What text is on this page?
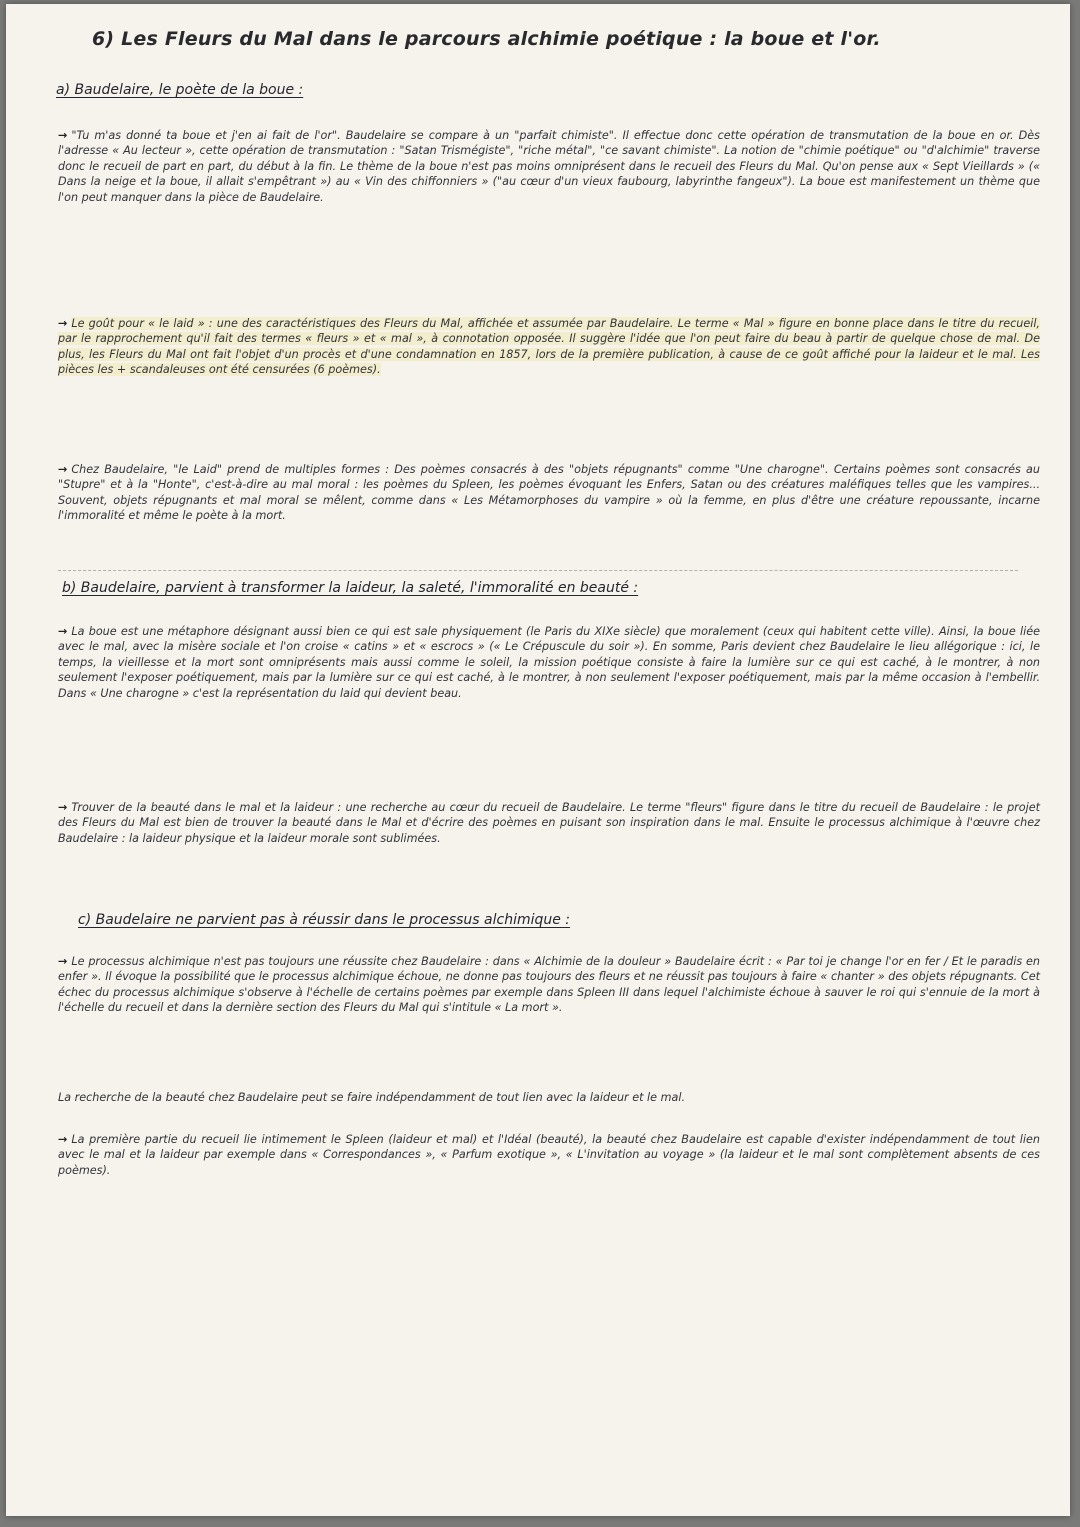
6) Les Fleurs du Mal dans le parcours alchimie poétique : la boue et l'or.
a) Baudelaire, le poète de la boue :

→ "Tu m'as donné ta boue et j'en ai fait de l'or". Baudelaire se compare à un "parfait chimiste". Il effectue donc cette opération de transmutation de la boue en or. Dès l'adresse « Au lecteur », cette opération de transmutation : "Satan Trismégiste", "riche métal", "ce savant chimiste". La notion de "chimie poétique" ou "d'alchimie" traverse donc le recueil de part en part, du début à la fin. Le thème de la boue n'est pas moins omniprésent dans le recueil des Fleurs du Mal. Qu'on pense aux « Sept Vieillards » (« Dans la neige et la boue, il allait s'empêtrant ») au « Vin des chiffonniers » ("au cœur d'un vieux faubourg, labyrinthe fangeux"). La boue est manifestement un thème que l'on peut manquer dans la pièce de Baudelaire.

→ Le goût pour « le laid » : une des caractéristiques des Fleurs du Mal, affichée et assumée par Baudelaire. Le terme « Mal » figure en bonne place dans le titre du recueil, par le rapprochement qu'il fait des termes « fleurs » et « mal », à connotation opposée. Il suggère l'idée que l'on peut faire du beau à partir de quelque chose de mal. De plus, les Fleurs du Mal ont fait l'objet d'un procès et d'une condamnation en 1857, lors de la première publication, à cause de ce goût affiché pour la laideur et le mal. Les pièces les + scandaleuses ont été censurées (6 poèmes).

→ Chez Baudelaire, "le Laid" prend de multiples formes : Des poèmes consacrés à des "objets répugnants" comme "Une charogne". Certains poèmes sont consacrés au "Stupre" et à la "Honte", c'est-à-dire au mal moral : les poèmes du Spleen, les poèmes évoquant les Enfers, Satan ou des créatures maléfiques telles que les vampires... Souvent, objets répugnants et mal moral se mêlent, comme dans « Les Métamorphoses du vampire » où la femme, en plus d'être une créature repoussante, incarne l'immoralité et même le poète à la mort.

b) Baudelaire, parvient à transformer la laideur, la saleté, l'immoralité en beauté :

→ La boue est une métaphore désignant aussi bien ce qui est sale physiquement (le Paris du XIXe siècle) que moralement (ceux qui habitent cette ville). Ainsi, la boue liée avec le mal, avec la misère sociale et l'on croise « catins » et « escrocs » (« Le Crépuscule du soir »). En somme, Paris devient chez Baudelaire le lieu allégorique : ici, le temps, la vieillesse et la mort sont omniprésents mais aussi comme le soleil, la mission poétique consiste à faire la lumière sur ce qui est caché, à le montrer, à non seulement l'exposer poétiquement, mais par la lumière sur ce qui est caché, à le montrer, à non seulement l'exposer poétiquement, mais par la même occasion à l'embellir. Dans « Une charogne » c'est la représentation du laid qui devient beau.

→ Trouver de la beauté dans le mal et la laideur : une recherche au cœur du recueil de Baudelaire. Le terme "fleurs" figure dans le titre du recueil de Baudelaire : le projet des Fleurs du Mal est bien de trouver la beauté dans le Mal et d'écrire des poèmes en puisant son inspiration dans le mal. Ensuite le processus alchimique à l'œuvre chez Baudelaire : la laideur physique et la laideur morale sont sublimées.

c) Baudelaire ne parvient pas à réussir dans le processus alchimique :

→ Le processus alchimique n'est pas toujours une réussite chez Baudelaire : dans « Alchimie de la douleur » Baudelaire écrit : « Par toi je change l'or en fer / Et le paradis en enfer ». Il évoque la possibilité que le processus alchimique échoue, ne donne pas toujours des fleurs et ne réussit pas toujours à faire « chanter » des objets répugnants. Cet échec du processus alchimique s'observe à l'échelle de certains poèmes par exemple dans Spleen III dans lequel l'alchimiste échoue à sauver le roi qui s'ennuie de la mort à l'échelle du recueil et dans la dernière section des Fleurs du Mal qui s'intitule « La mort ».

La recherche de la beauté chez Baudelaire peut se faire indépendamment de tout lien avec la laideur et le mal.

→ La première partie du recueil lie intimement le Spleen (laideur et mal) et l'Idéal (beauté), la beauté chez Baudelaire est capable d'exister indépendamment de tout lien avec le mal et la laideur par exemple dans « Correspondances », « Parfum exotique », « L'invitation au voyage » (la laideur et le mal sont complètement absents de ces poèmes).
